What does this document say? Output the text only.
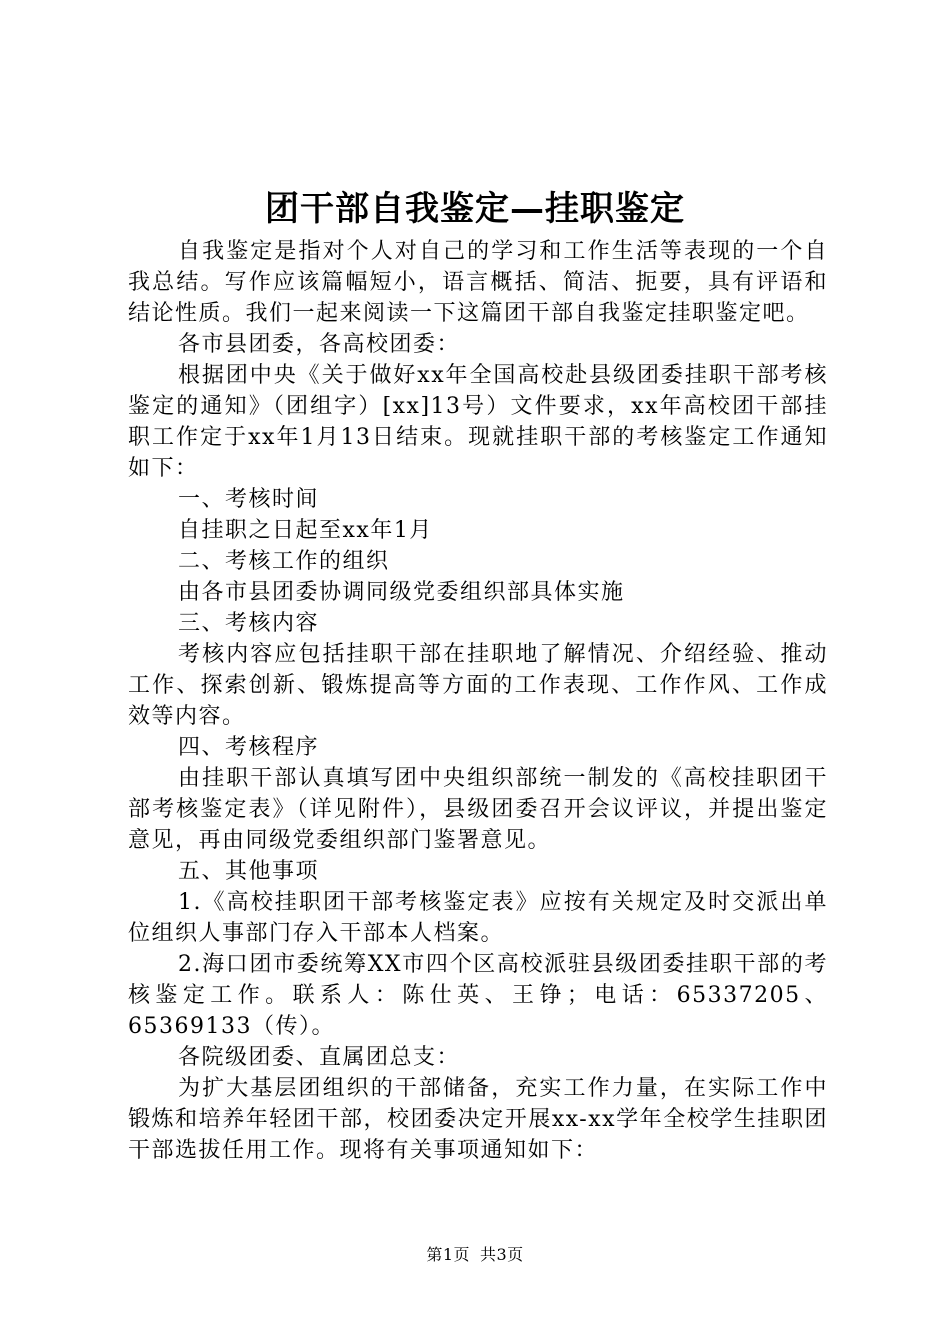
团干部自我鉴定—挂职鉴定

自我鉴定是指对个人对自己的学习和工作生活等表现的一个自我总结。写作应该篇幅短小，语言概括、简洁、扼要，具有评语和结论性质。我们一起来阅读一下这篇团干部自我鉴定挂职鉴定吧。

各市县团委，各高校团委：

根据团中央《关于做好xx年全国高校赴县级团委挂职干部考核鉴定的通知》（团组字）[xx]13号）文件要求，xx年高校团干部挂职工作定于xx年1月13日结束。现就挂职干部的考核鉴定工作通知如下：

一、考核时间

自挂职之日起至xx年1月

二、考核工作的组织

由各市县团委协调同级党委组织部具体实施

三、考核内容

考核内容应包括挂职干部在挂职地了解情况、介绍经验、推动工作、探索创新、锻炼提高等方面的工作表现、工作作风、工作成效等内容。

四、考核程序

由挂职干部认真填写团中央组织部统一制发的《高校挂职团干部考核鉴定表》（详见附件），县级团委召开会议评议，并提出鉴定意见，再由同级党委组织部门鉴署意见。

五、其他事项

1.《高校挂职团干部考核鉴定表》应按有关规定及时交派出单位组织人事部门存入干部本人档案。

2.海口团市委统筹XX市四个区高校派驻县级团委挂职干部的考核鉴定工作。联系人：陈仕英、王铮；电话：65337205、65369133（传）。

各院级团委、直属团总支：

为扩大基层团组织的干部储备，充实工作力量，在实际工作中锻炼和培养年轻团干部，校团委决定开展xx-xx学年全校学生挂职团干部选拔任用工作。现将有关事项通知如下：

第1页 共3页
